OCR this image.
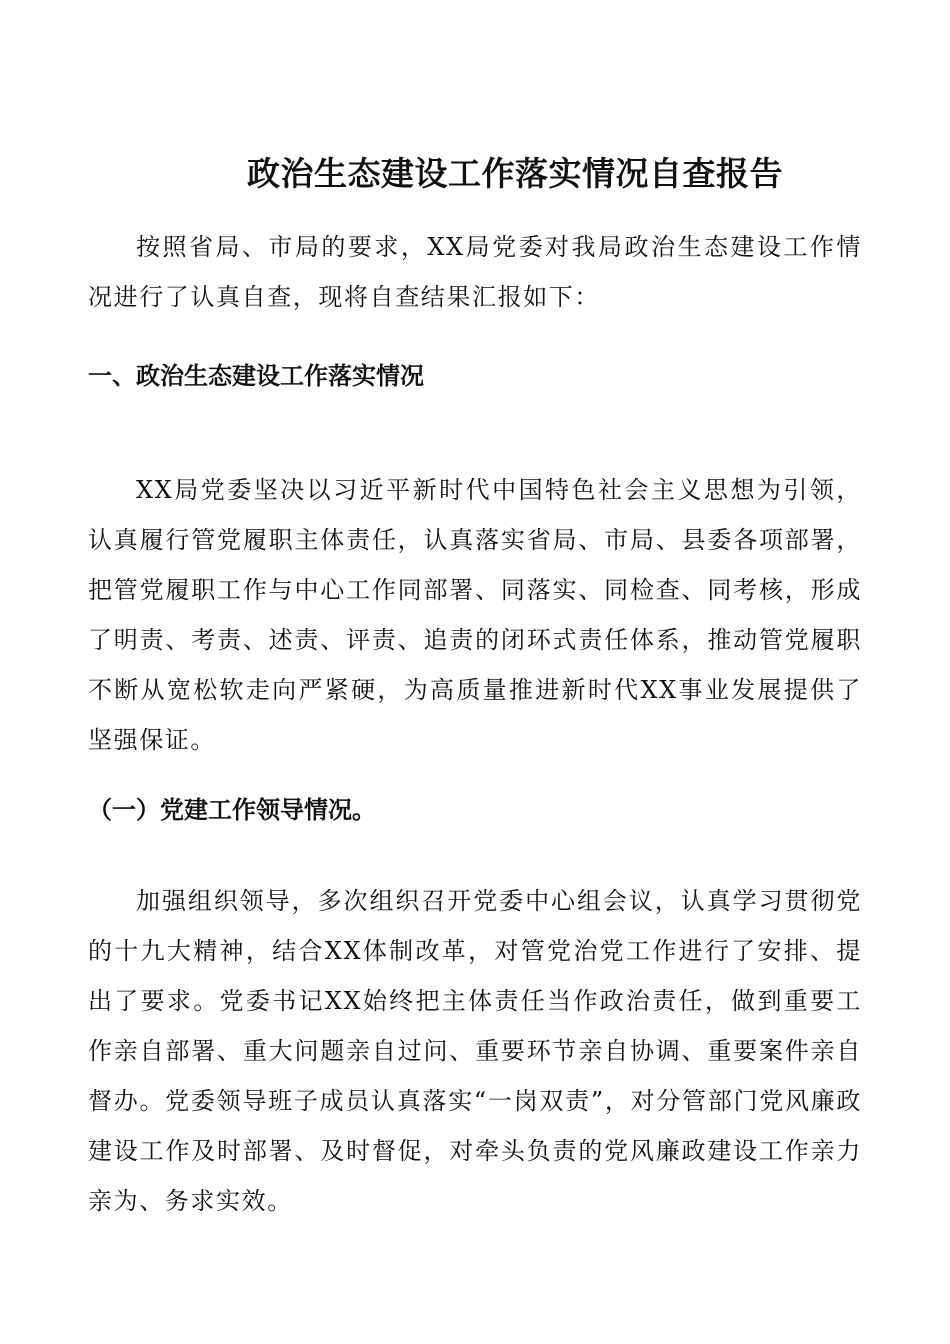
政治生态建设工作落实情况自查报告

按照省局、市局的要求，XX局党委对我局政治生态建设工作情况进行了认真自查，现将自查结果汇报如下：

一、政治生态建设工作落实情况

XX局党委坚决以习近平新时代中国特色社会主义思想为引领，认真履行管党履职主体责任，认真落实省局、市局、县委各项部署，把管党履职工作与中心工作同部署、同落实、同检查、同考核，形成了明责、考责、述责、评责、追责的闭环式责任体系，推动管党履职不断从宽松软走向严紧硬，为高质量推进新时代XX事业发展提供了坚强保证。

（一）党建工作领导情况。

加强组织领导，多次组织召开党委中心组会议，认真学习贯彻党的十九大精神，结合XX体制改革，对管党治党工作进行了安排、提出了要求。党委书记XX始终把主体责任当作政治责任，做到重要工作亲自部署、重大问题亲自过问、重要环节亲自协调、重要案件亲自督办。党委领导班子成员认真落实“一岗双责”，对分管部门党风廉政建设工作及时部署、及时督促，对牵头负责的党风廉政建设工作亲力亲为、务求实效。
